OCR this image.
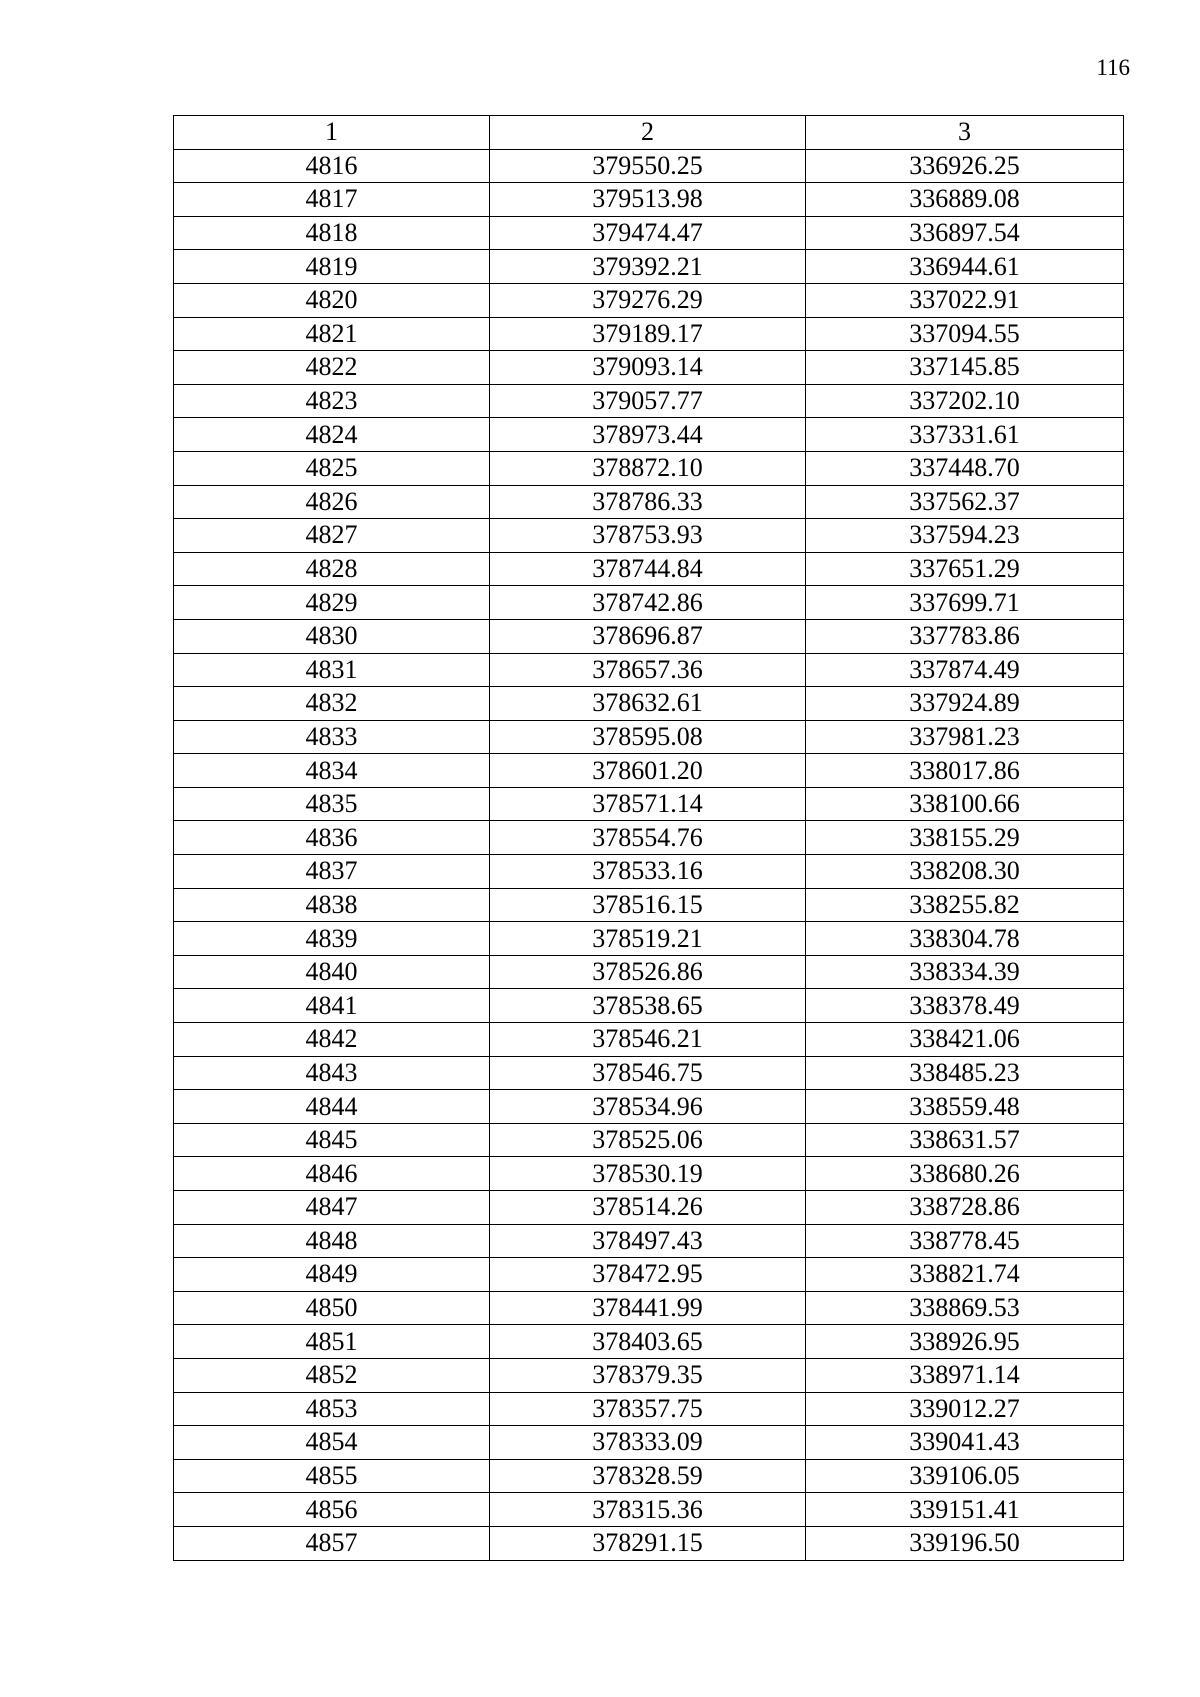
116
1	2	3
4816	379550.25	336926.25
4817	379513.98	336889.08
4818	379474.47	336897.54
4819	379392.21	336944.61
4820	379276.29	337022.91
4821	379189.17	337094.55
4822	379093.14	337145.85
4823	379057.77	337202.10
4824	378973.44	337331.61
4825	378872.10	337448.70
4826	378786.33	337562.37
4827	378753.93	337594.23
4828	378744.84	337651.29
4829	378742.86	337699.71
4830	378696.87	337783.86
4831	378657.36	337874.49
4832	378632.61	337924.89
4833	378595.08	337981.23
4834	378601.20	338017.86
4835	378571.14	338100.66
4836	378554.76	338155.29
4837	378533.16	338208.30
4838	378516.15	338255.82
4839	378519.21	338304.78
4840	378526.86	338334.39
4841	378538.65	338378.49
4842	378546.21	338421.06
4843	378546.75	338485.23
4844	378534.96	338559.48
4845	378525.06	338631.57
4846	378530.19	338680.26
4847	378514.26	338728.86
4848	378497.43	338778.45
4849	378472.95	338821.74
4850	378441.99	338869.53
4851	378403.65	338926.95
4852	378379.35	338971.14
4853	378357.75	339012.27
4854	378333.09	339041.43
4855	378328.59	339106.05
4856	378315.36	339151.41
4857	378291.15	339196.50
